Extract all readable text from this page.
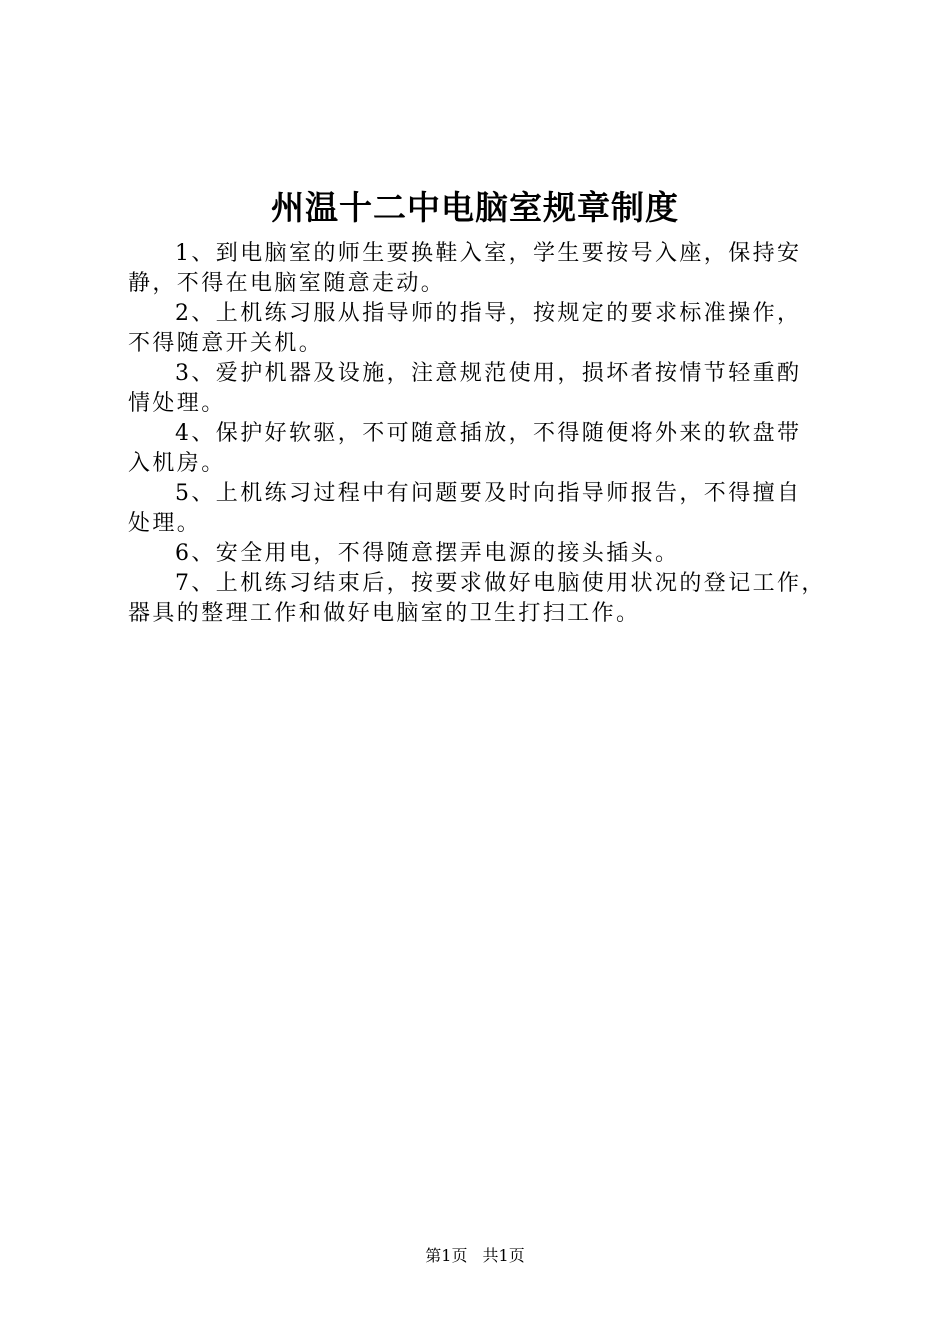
州温十二中电脑室规章制度
1、到电脑室的师生要换鞋入室，学生要按号入座，保持安
静，不得在电脑室随意走动。
2、上机练习服从指导师的指导，按规定的要求标准操作，
不得随意开关机。
3、爱护机器及设施，注意规范使用，损坏者按情节轻重酌
情处理。
4、保护好软驱，不可随意插放，不得随便将外来的软盘带
入机房。
5、上机练习过程中有问题要及时向指导师报告，不得擅自
处理。
6、安全用电，不得随意摆弄电源的接头插头。
7、上机练习结束后，按要求做好电脑使用状况的登记工作，
器具的整理工作和做好电脑室的卫生打扫工作。
第1页 共1页
